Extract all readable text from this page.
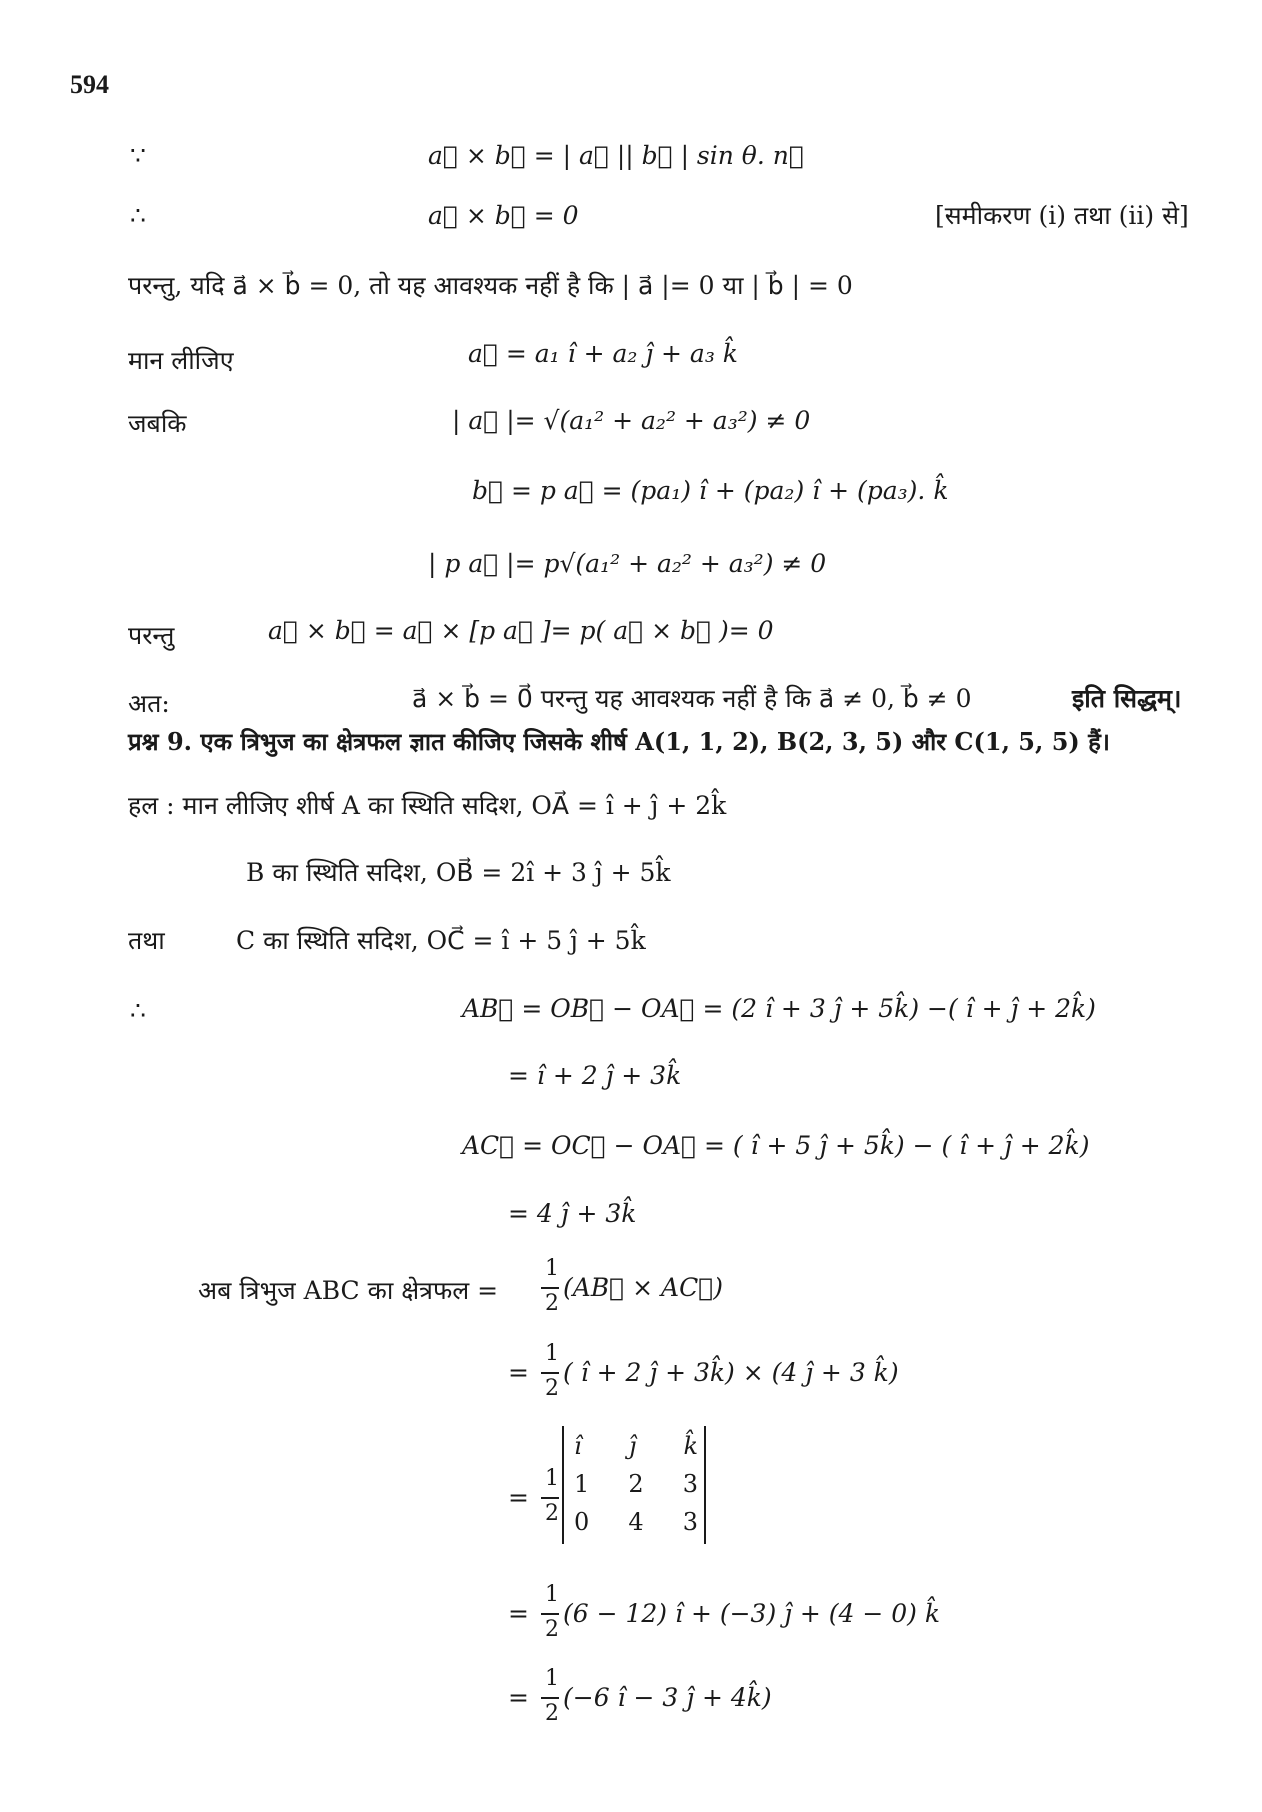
594
∵	a⃗ × b⃗ = | a⃗ || b⃗ | sin θ. n⃗
∴	a⃗ × b⃗ = 0	[समीकरण (i) तथा (ii) से]
परन्तु, यदि a⃗ × b⃗ = 0, तो यह आवश्यक नहीं है कि | a⃗ |= 0 या | b⃗ | = 0
मान लीजिए	a⃗ = a₁ î + a₂ ĵ + a₃ k̂
जबकि	| a⃗ |= √(a₁² + a₂² + a₃²) ≠ 0
b⃗ = p a⃗ = (pa₁) î + (pa₂) î + (pa₃). k̂
| p a⃗ |= p√(a₁² + a₂² + a₃²) ≠ 0
परन्तु	a⃗ × b⃗ = a⃗ × [p a⃗ ]= p( a⃗ × b⃗ )= 0
अत:	a⃗ × b⃗ = 0⃗ परन्तु यह आवश्यक नहीं है कि a⃗ ≠ 0, b⃗ ≠ 0	इति सिद्धम्।
प्रश्न 9. एक त्रिभुज का क्षेत्रफल ज्ञात कीजिए जिसके शीर्ष A(1, 1, 2), B(2, 3, 5) और C(1, 5, 5) हैं।
हल : मान लीजिए शीर्ष A का स्थिति सदिश, OA⃗ = î + ĵ + 2k̂
B का स्थिति सदिश, OB⃗ = 2î + 3 ĵ + 5k̂
तथा	C का स्थिति सदिश, OC⃗ = î + 5 ĵ + 5k̂
∴	AB⃗ = OB⃗ − OA⃗ = (2 î + 3 ĵ + 5k̂) −( î + ĵ + 2k̂)
= î + 2 ĵ + 3k̂
AC⃗ = OC⃗ − OA⃗ = ( î + 5 ĵ + 5k̂) − ( î + ĵ + 2k̂)
= 4 ĵ + 3k̂
अब त्रिभुज ABC का क्षेत्रफल =
1
2
(AB⃗ × AC⃗)
=
1
2
( î + 2 ĵ + 3k̂) × (4 ĵ + 3 k̂)
=
1
2
î ĵ k̂
1 2 3
0 4 3
=
1
2
(6 − 12) î + (−3) ĵ + (4 − 0) k̂
=
1
2
(−6 î − 3 ĵ + 4k̂)
